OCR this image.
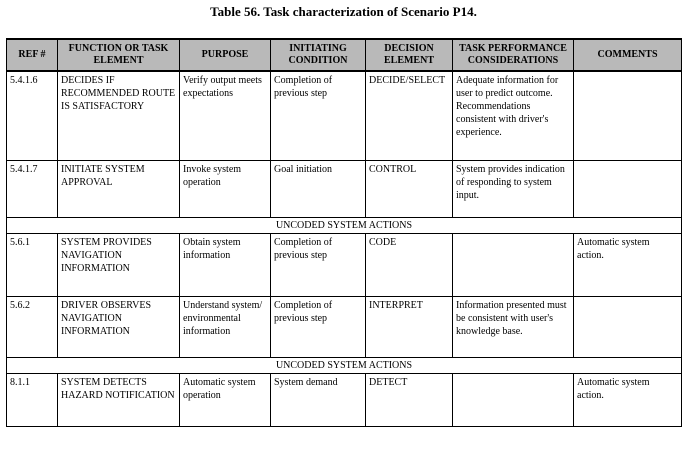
Table 56. Task characterization of Scenario P14.
REF #	FUNCTION OR TASK ELEMENT	PURPOSE	INITIATING CONDITION	DECISION ELEMENT	TASK PERFORMANCE CONSIDERATIONS	COMMENTS
5.4.1.6	DECIDES IF RECOMMENDED ROUTE IS SATISFACTORY	Verify output meets expectations	Completion of previous step	DECIDE/SELECT	Adequate information for user to predict outcome. Recommendations consistent with driver's experience.	
5.4.1.7	INITIATE SYSTEM APPROVAL	Invoke system operation	Goal initiation	CONTROL	System provides indication of responding to system input.	
UNCODED SYSTEM ACTIONS						
5.6.1	SYSTEM PROVIDES NAVIGATION INFORMATION	Obtain system information	Completion of previous step	CODE		Automatic system action.
5.6.2	DRIVER OBSERVES NAVIGATION INFORMATION	Understand system/ environmental information	Completion of previous step	INTERPRET	Information presented must be consistent with user's knowledge base.	
UNCODED SYSTEM ACTIONS						
8.1.1	SYSTEM DETECTS HAZARD NOTIFICATION	Automatic system operation	System demand	DETECT		Automatic system action.
